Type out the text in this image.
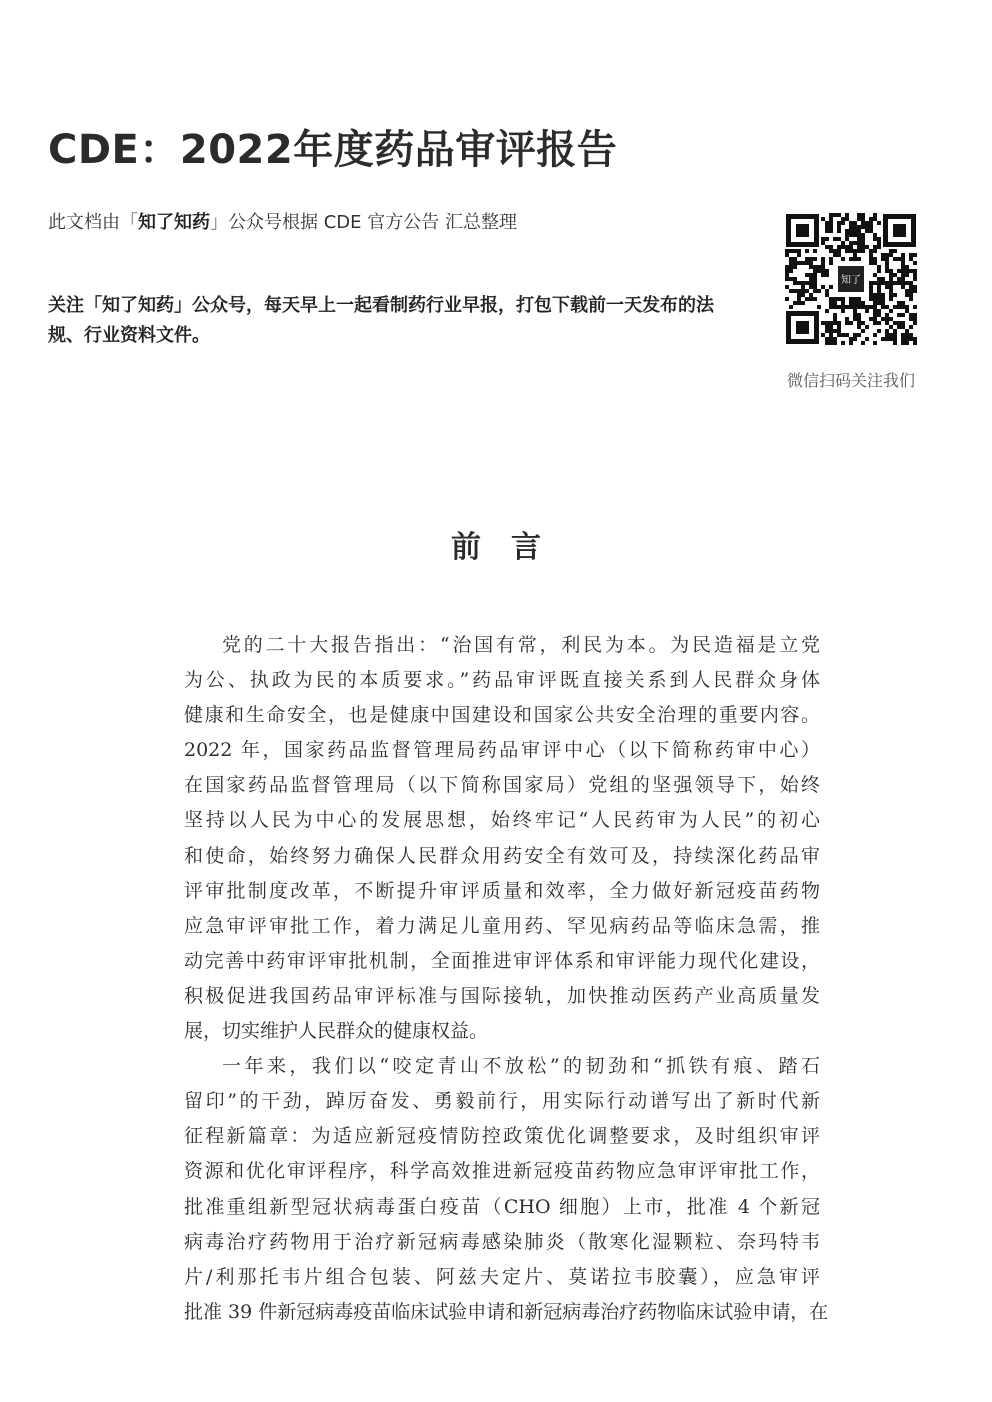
CDE：2022年度药品审评报告
此文档由「知了知药」公众号根据 CDE 官方公告 汇总整理
关注「知了知药」公众号，每天早上一起看制药行业早报，打包下载前一天发布的法规、行业资料文件。
知了
微信扫码关注我们
前言
党的二十大报告指出：“治国有常，利民为本。为民造福是立党
为公、执政为民的本质要求。”药品审评既直接关系到人民群众身体
健康和生命安全，也是健康中国建设和国家公共安全治理的重要内容。
2022 年，国家药品监督管理局药品审评中心（以下简称药审中心）
在国家药品监督管理局（以下简称国家局）党组的坚强领导下，始终
坚持以人民为中心的发展思想，始终牢记“人民药审为人民”的初心
和使命，始终努力确保人民群众用药安全有效可及，持续深化药品审
评审批制度改革，不断提升审评质量和效率，全力做好新冠疫苗药物
应急审评审批工作，着力满足儿童用药、罕见病药品等临床急需，推
动完善中药审评审批机制，全面推进审评体系和审评能力现代化建设，
积极促进我国药品审评标准与国际接轨，加快推动医药产业高质量发
展，切实维护人民群众的健康权益。
一年来，我们以“咬定青山不放松”的韧劲和“抓铁有痕、踏石
留印”的干劲，踔厉奋发、勇毅前行，用实际行动谱写出了新时代新
征程新篇章：为适应新冠疫情防控政策优化调整要求，及时组织审评
资源和优化审评程序，科学高效推进新冠疫苗药物应急审评审批工作，
批准重组新型冠状病毒蛋白疫苗（CHO 细胞）上市，批准 4 个新冠
病毒治疗药物用于治疗新冠病毒感染肺炎（散寒化湿颗粒、奈玛特韦
片/利那托韦片组合包装、阿兹夫定片、莫诺拉韦胶囊），应急审评
批准 39 件新冠病毒疫苗临床试验申请和新冠病毒治疗药物临床试验申请，在
